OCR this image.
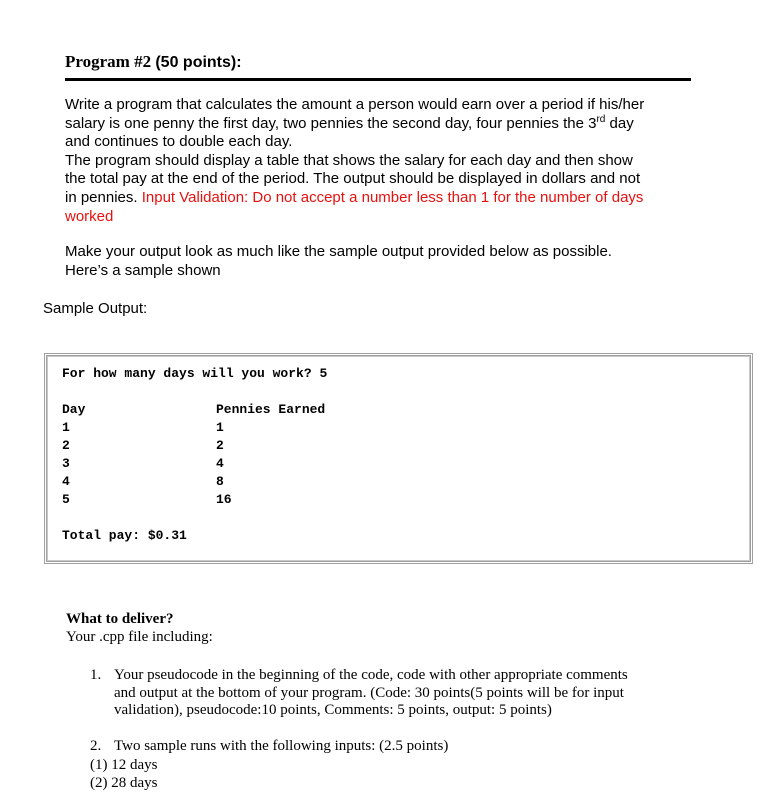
Program #2 (50 points):
Write a program that calculates the amount a person would earn over a period if his/her
salary is one penny the first day, two pennies the second day, four pennies the 3rd day
and continues to double each day.
The program should display a table that shows the salary for each day and then show
the total pay at the end of the period. The output should be displayed in dollars and not
in pennies. Input Validation: Do not accept a number less than 1 for the number of days
worked
Make your output look as much like the sample output provided below as possible.
Here’s a sample shown
Sample Output:
For how many days will you work? 5
Day	Pennies Earned
1	1
2	2
3	4
4	8
5	16
Total pay: $0.31
What to deliver?
Your .cpp file including:
1. Your pseudocode in the beginning of the code, code with other appropriate comments
and output at the bottom of your program. (Code: 30 points(5 points will be for input
validation), pseudocode:10 points, Comments: 5 points, output: 5 points)
2. Two sample runs with the following inputs: (2.5 points)
(1) 12 days
(2) 28 days
